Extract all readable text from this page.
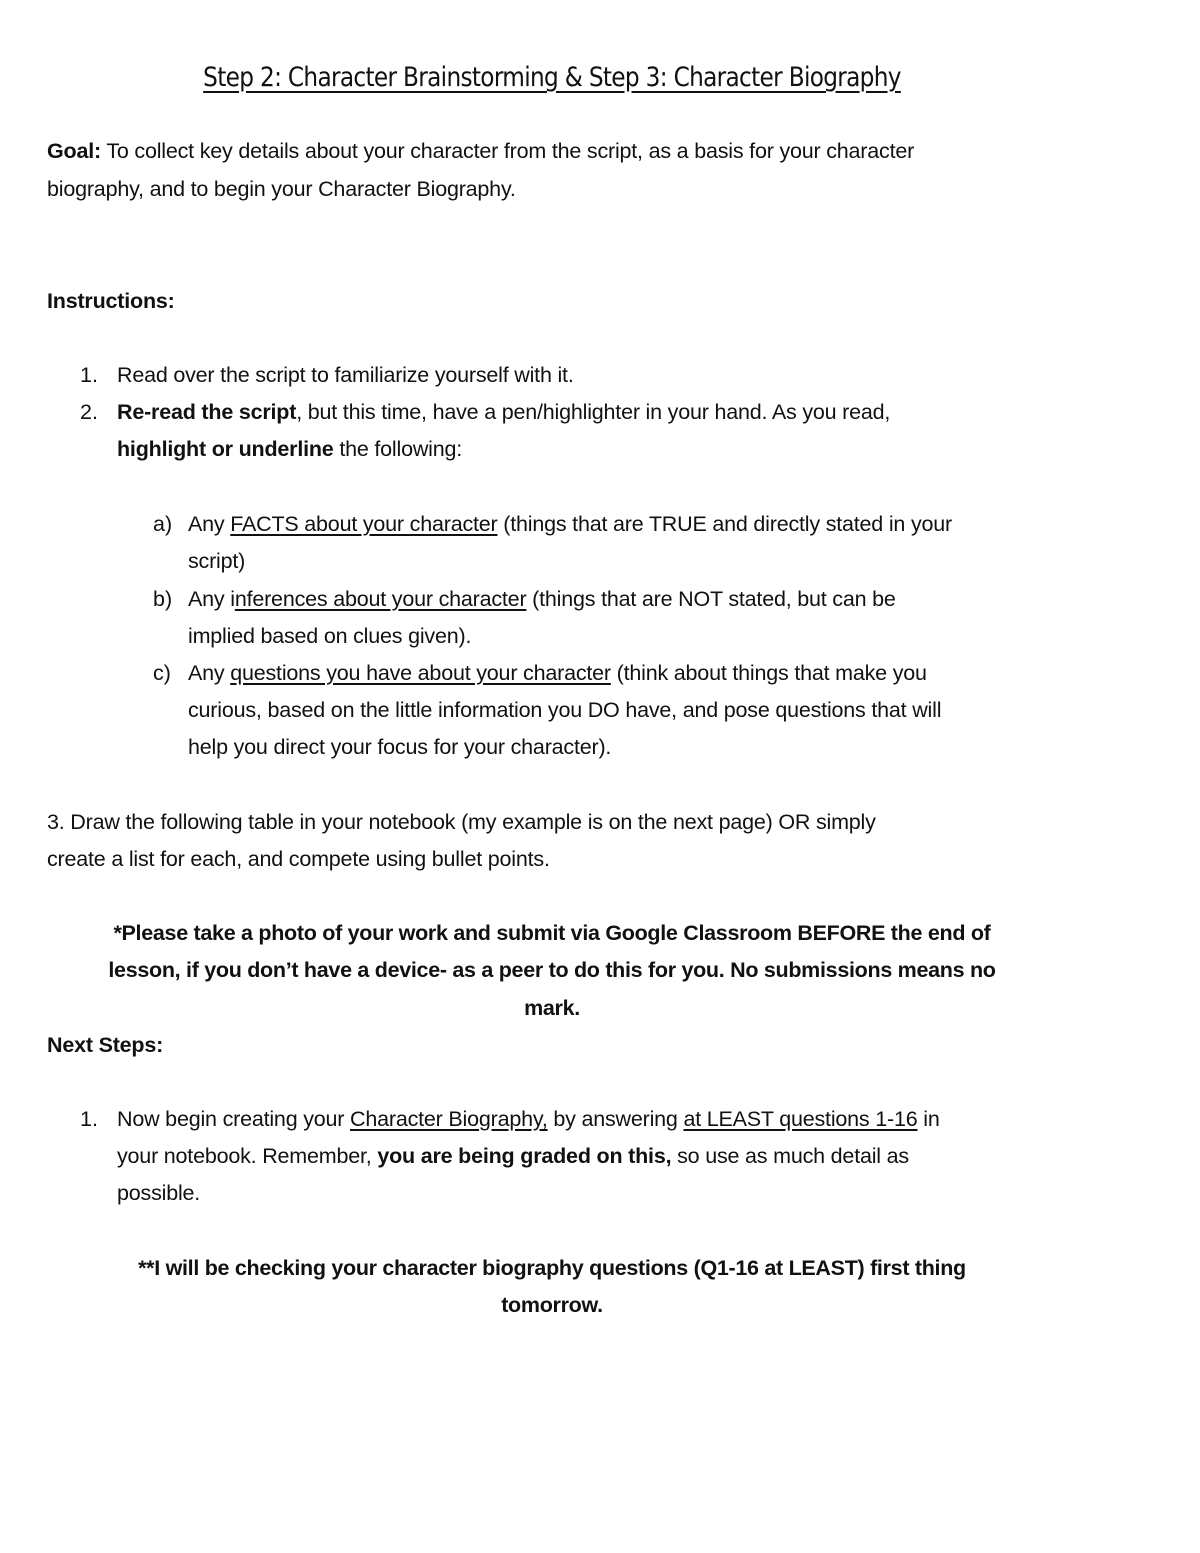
Step 2: Character Brainstorming & Step 3: Character Biography
Goal: To collect key details about your character from the script, as a basis for your character
biography, and to begin your Character Biography.
Instructions:
1. Read over the script to familiarize yourself with it.
2. Re-read the script, but this time, have a pen/highlighter in your hand. As you read,
highlight or underline the following:
a) Any FACTS about your character (things that are TRUE and directly stated in your
script)
b) Any inferences about your character (things that are NOT stated, but can be
implied based on clues given).
c) Any questions you have about your character (think about things that make you
curious, based on the little information you DO have, and pose questions that will
help you direct your focus for your character).
3. Draw the following table in your notebook (my example is on the next page) OR simply
create a list for each, and compete using bullet points.
*Please take a photo of your work and submit via Google Classroom BEFORE the end of
lesson, if you don’t have a device- as a peer to do this for you. No submissions means no
mark.
Next Steps:
1. Now begin creating your Character Biography, by answering at LEAST questions 1-16 in
your notebook. Remember, you are being graded on this, so use as much detail as
possible.
**I will be checking your character biography questions (Q1-16 at LEAST) first thing
tomorrow.
